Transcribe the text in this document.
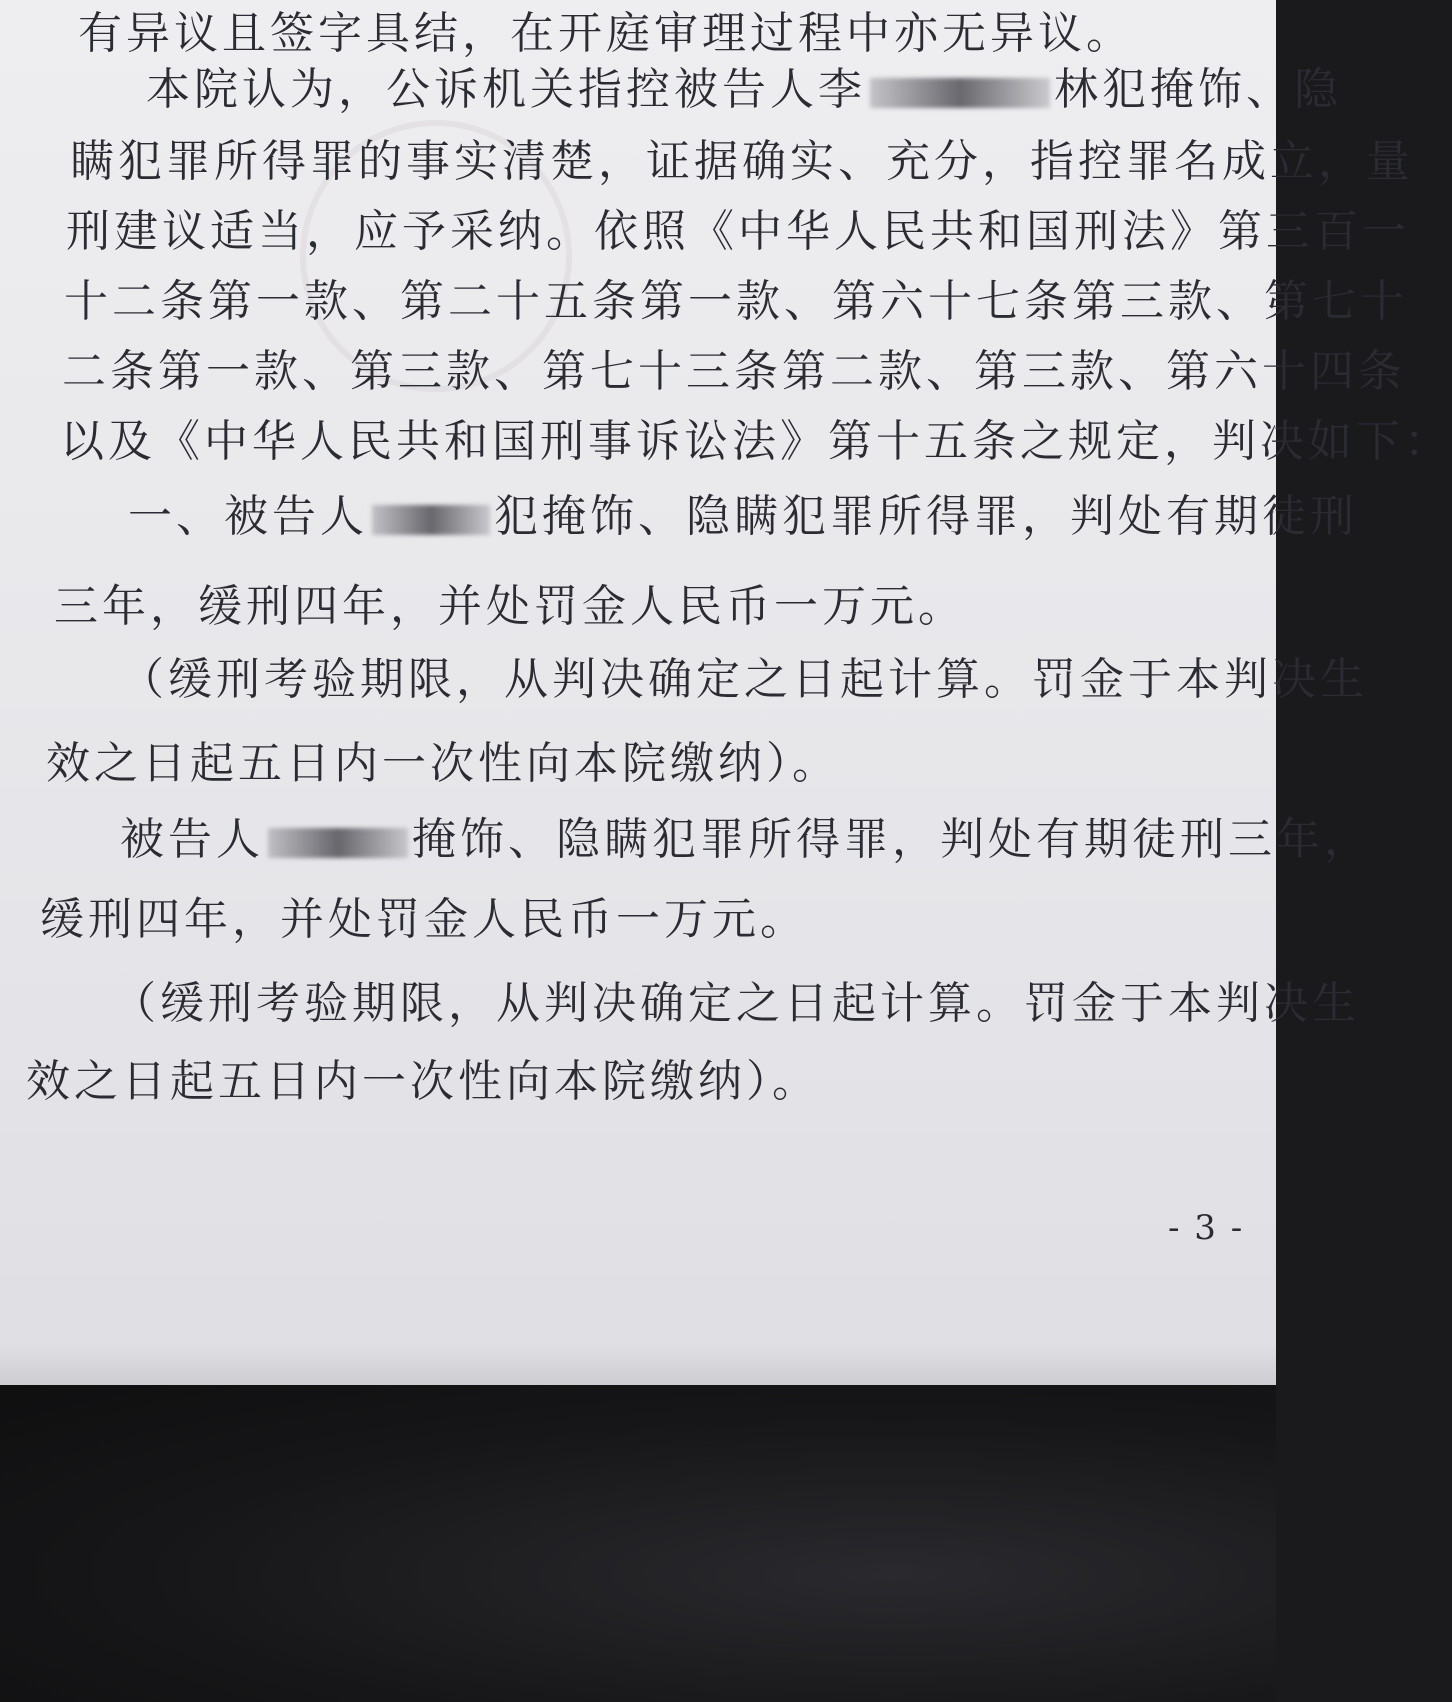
有异议且签字具结，在开庭审理过程中亦无异议。
本院认为，公诉机关指控被告人李	林犯掩饰、隐
瞒犯罪所得罪的事实清楚，证据确实、充分，指控罪名成立，量
刑建议适当，应予采纳。依照《中华人民共和国刑法》第三百一
十二条第一款、第二十五条第一款、第六十七条第三款、第七十
二条第一款、第三款、第七十三条第二款、第三款、第六十四条
以及《中华人民共和国刑事诉讼法》第十五条之规定，判决如下：
一、被告人	犯掩饰、隐瞒犯罪所得罪，判处有期徒刑
三年，缓刑四年，并处罚金人民币一万元。
（缓刑考验期限，从判决确定之日起计算。罚金于本判决生
效之日起五日内一次性向本院缴纳）。
被告人	掩饰、隐瞒犯罪所得罪，判处有期徒刑三年，
缓刑四年，并处罚金人民币一万元。
（缓刑考验期限，从判决确定之日起计算。罚金于本判决生
效之日起五日内一次性向本院缴纳）。
- 3 -
